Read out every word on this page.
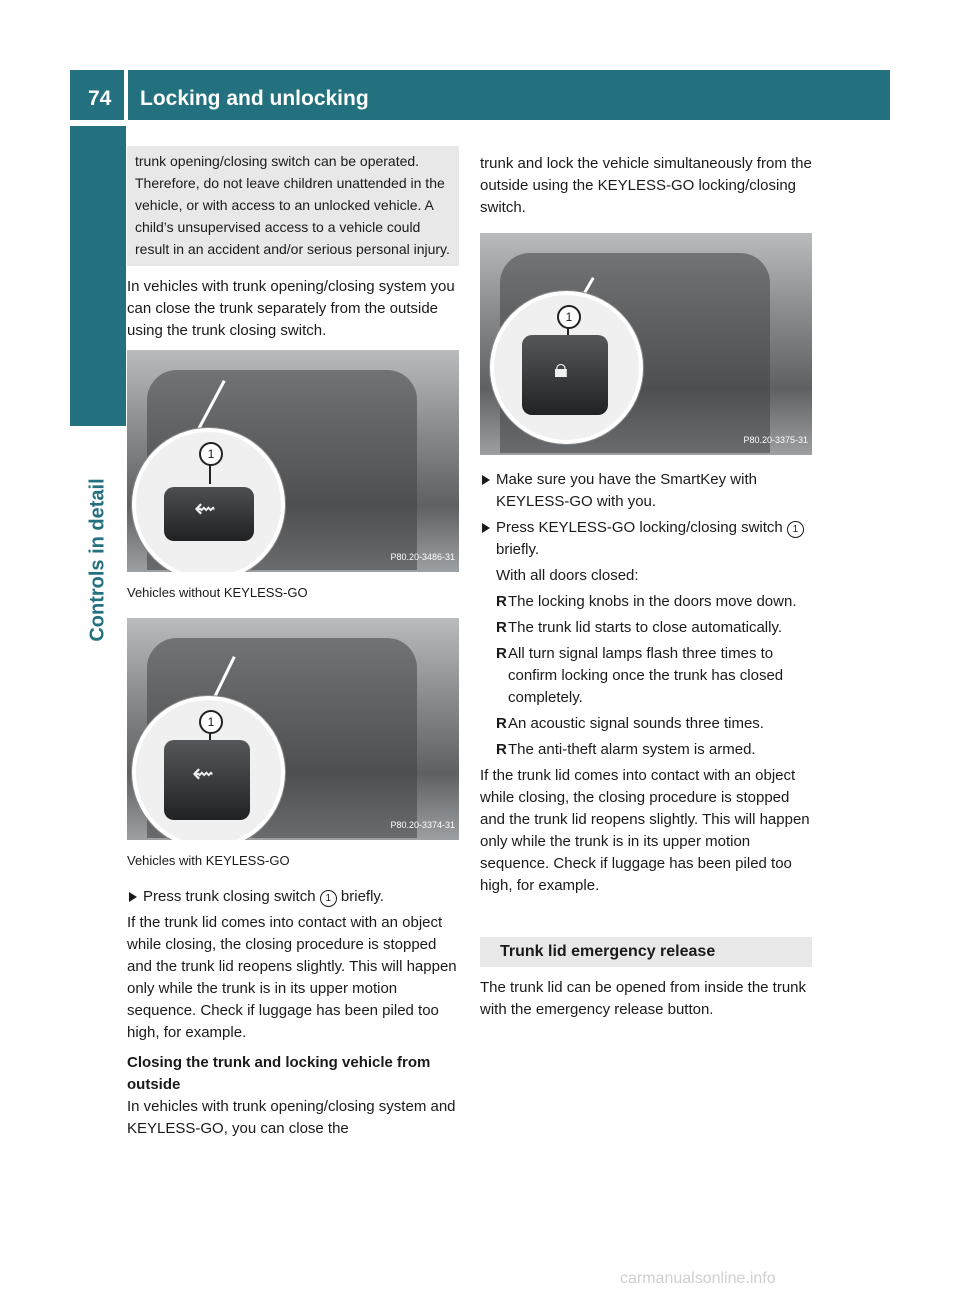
74	Locking and unlocking
Controls in detail
trunk opening/closing switch can be operated. Therefore, do not leave children unattended in the vehicle, or with access to an unlocked vehicle. A child’s unsupervised access to a vehicle could result in an accident and/or serious personal injury.

In vehicles with trunk opening/closing system you can close the trunk separately from the outside using the trunk closing switch.

1
⇜
P80.20-3486-31

Vehicles without KEYLESS-GO

1
⇜
P80.20-3374-31

Vehicles with KEYLESS-GO

Press trunk closing switch 1 briefly.

If the trunk lid comes into contact with an object while closing, the closing procedure is stopped and the trunk lid reopens slightly. This will happen only while the trunk is in its upper motion sequence. Check if luggage has been piled too high, for example.

Closing the trunk and locking vehicle from outside

In vehicles with trunk opening/closing system and KEYLESS-GO, you can close the

trunk and lock the vehicle simultaneously from the outside using the KEYLESS-GO locking/closing switch.

1
🔒︎
P80.20-3375-31
Make sure you have the SmartKey with KEYLESS-GO with you.
Press KEYLESS-GO locking/closing switch 1 briefly.
With all doors closed:
R The locking knobs in the doors move down.
R The trunk lid starts to close automatically.
R All turn signal lamps flash three times to confirm locking once the trunk has closed completely.
R An acoustic signal sounds three times.
R The anti-theft alarm system is armed.

If the trunk lid comes into contact with an object while closing, the closing procedure is stopped and the trunk lid reopens slightly. This will happen only while the trunk is in its upper motion sequence. Check if luggage has been piled too high, for example.

Trunk lid emergency release

The trunk lid can be opened from inside the trunk with the emergency release button.

carmanualsonline.info
